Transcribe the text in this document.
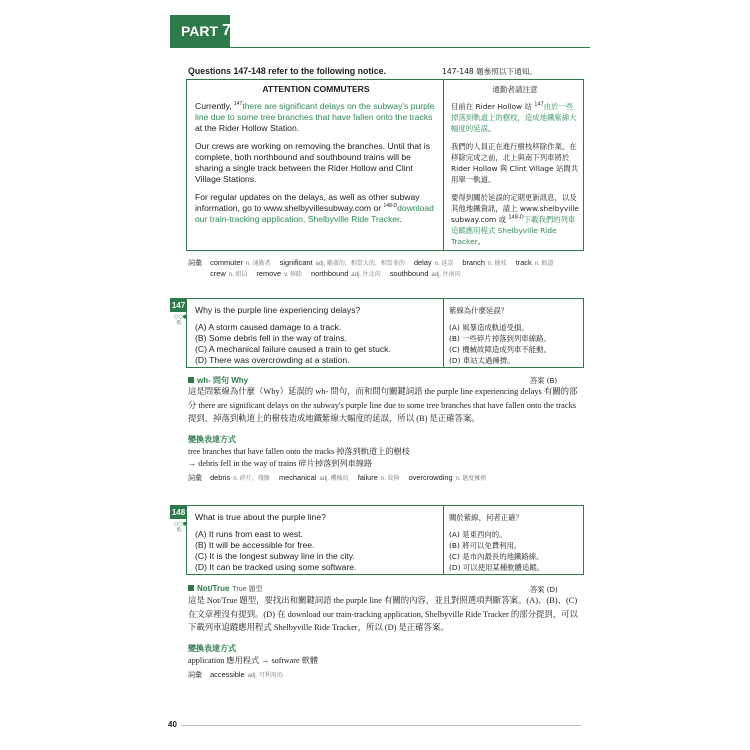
PART 7
Questions 147-148 refer to the following notice.	147-148 題參照以下通知。
ATTENTION COMMUTERS

Currently, $^{147}$there are significant delays on the subway's purple line due to some tree branches that have fallen onto the tracks at the Rider Hollow Station.

Our crews are working on removing the branches. Until that is complete, both northbound and southbound trains will be sharing a single track between the Rider Hollow and Clint Village Stations.

For regular updates on the delays, as well as other subway information, go to www.shelbyvillesubway.com or $^{148-D}$download our train-tracking application, Shelbyville Ride Tracker.

通勤者請注意

目前在 Rider Hollow 站 $^{147}$由於一些掉落到軌道上的樹枝，造成地鐵紫線大幅度的延誤。

我們的人員正在進行樹枝移除作業。在移除完成之前，北上與南下列車將於 Rider Hollow 與 Clint Village 站間共用單一軌道。

要得到關於延誤的定期更新訊息，以及其他地鐵資訊，請上 www.shelbyville subway.com 或 $^{148-D}$下載我們的列車追蹤應用程式 Shelbyville Ride Tracker。

詞彙 commuter n. 通勤者 significant adj. 顯著的，相當大的，相當多的 delay n. 延誤 branch n. 樹枝 track n. 軌道
crew n. 組員 remove v. 移除 northbound adj. 往北的 southbound adj. 往南的
147
○○●
低
Why is the purple line experiencing delays?
(A) A storm caused damage to a track.
(B) Some debris fell in the way of trains.
(C) A mechanical failure caused a train to get stuck.
(D) There was overcrowding at a station.
紫線為什麼延誤？
(A) 風暴造成軌道受損。
(B) 一些碎片掉落到列車線路。
(C) 機械故障造成列車不能動。
(D) 車站太過擁擠。
wh- 問句 Why	答案 (B)
這是問紫線為什麼（Why）延誤的 wh- 問句，而和問句關鍵詞語 the purple line experiencing delays 有關的部分 there are significant delays on the subway's purple line due to some tree branches that have fallen onto the tracks 提到，掉落到軌道上的樹枝造成地鐵紫線大幅度的延誤，所以 (B) 是正確答案。
變換表達方式
tree branches that have fallen onto the tracks 掉落到軌道上的樹枝
→ debris fell in the way of trains 碎片掉落到列車線路
詞彙 debris n. 碎片，殘骸 mechanical adj. 機械的 failure n. 故障 overcrowding n. 過度擁擠
148
○○●
低
What is true about the purple line?
(A) It runs from east to west.
(B) It will be accessible for free.
(C) It is the longest subway line in the city.
(D) It can be tracked using some software.
關於紫線，何者正確？
(A) 是東西向的。
(B) 將可以免費利用。
(C) 是市內最長的地鐵路線。
(D) 可以使用某種軟體追蹤。
Not/True True 題型	答案 (D)
這是 Not/True 題型，要找出和關鍵詞語 the purple line 有關的內容，並且對照選項判斷答案。(A)、(B)、(C) 在文章裡沒有提到。(D) 在 download our train-tracking application, Shelbyville Ride Tracker 的部分提到，可以下載列車追蹤應用程式 Shelbyville Ride Tracker，所以 (D) 是正確答案。
變換表達方式
application 應用程式 → software 軟體
詞彙 accessible adj. 可利用的
40
